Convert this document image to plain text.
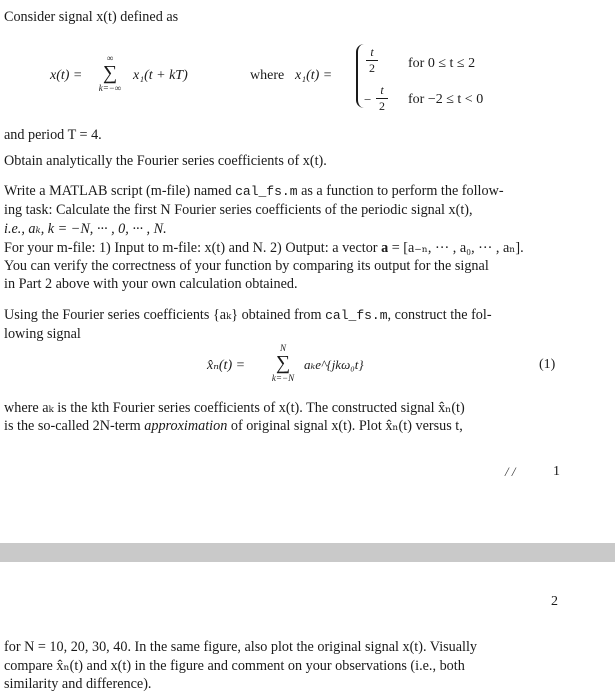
Consider signal x(t) defined as
x(t) =
∞
∑
k=−∞
x₁(t + kT)	where x₁(t) =
t
2 for 0 ≤ t ≤ 2
−
t
2 for −2 ≤ t < 0
and period T = 4.
Obtain analytically the Fourier series coefficients of x(t).
Write a MATLAB script (m-file) named cal_fs.m as a function to perform the follow-
ing task: Calculate the first N Fourier series coefficients of the periodic signal x(t),
i.e., aₖ, k = −N, ··· , 0, ··· , N.
For your m-file: 1) Input to m-file: x(t) and N. 2) Output: a vector a = [a₋ₙ, ··· , a₀, ··· , aₙ].
You can verify the correctness of your function by comparing its output for the signal
in Part 2 above with your own calculation obtained.
Using the Fourier series coefficients {aₖ} obtained from cal_fs.m, construct the fol-
lowing signal
x̂ₙ(t) =
N
∑
k=−N
aₖe^{jkω₀t}	(1)
where aₖ is the kth Fourier series coefficients of x(t). The constructed signal x̂ₙ(t)
is the so-called 2N-term approximation of original signal x(t). Plot x̂ₙ(t) versus t,
/ /	1
2
for N = 10, 20, 30, 40. In the same figure, also plot the original signal x(t). Visually
compare x̂ₙ(t) and x(t) in the figure and comment on your observations (i.e., both
similarity and difference).
